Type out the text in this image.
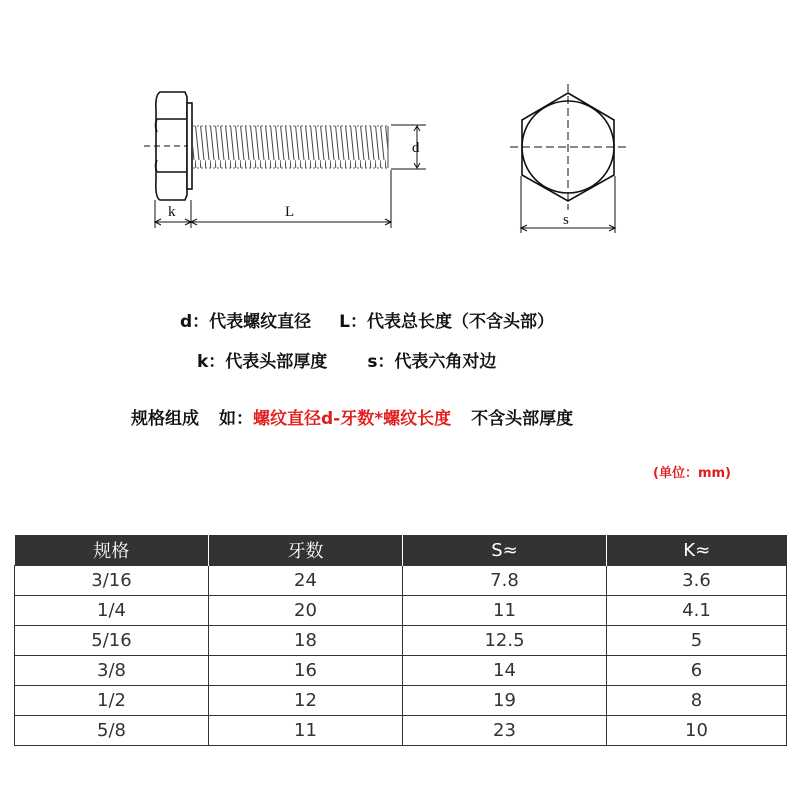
d
k	L	s
d：代表螺纹直径 L：代表总长度（不含头部）
k：代表头部厚度 s：代表六角对边
规格组成 如：螺纹直径d-牙数*螺纹长度 不含头部厚度
(单位：mm)
规格	牙数	S≈	K≈
3/16	24	7.8	3.6
1/4	20	11	4.1
5/16	18	12.5	5
3/8	16	14	6
1/2	12	19	8
5/8	11	23	10
